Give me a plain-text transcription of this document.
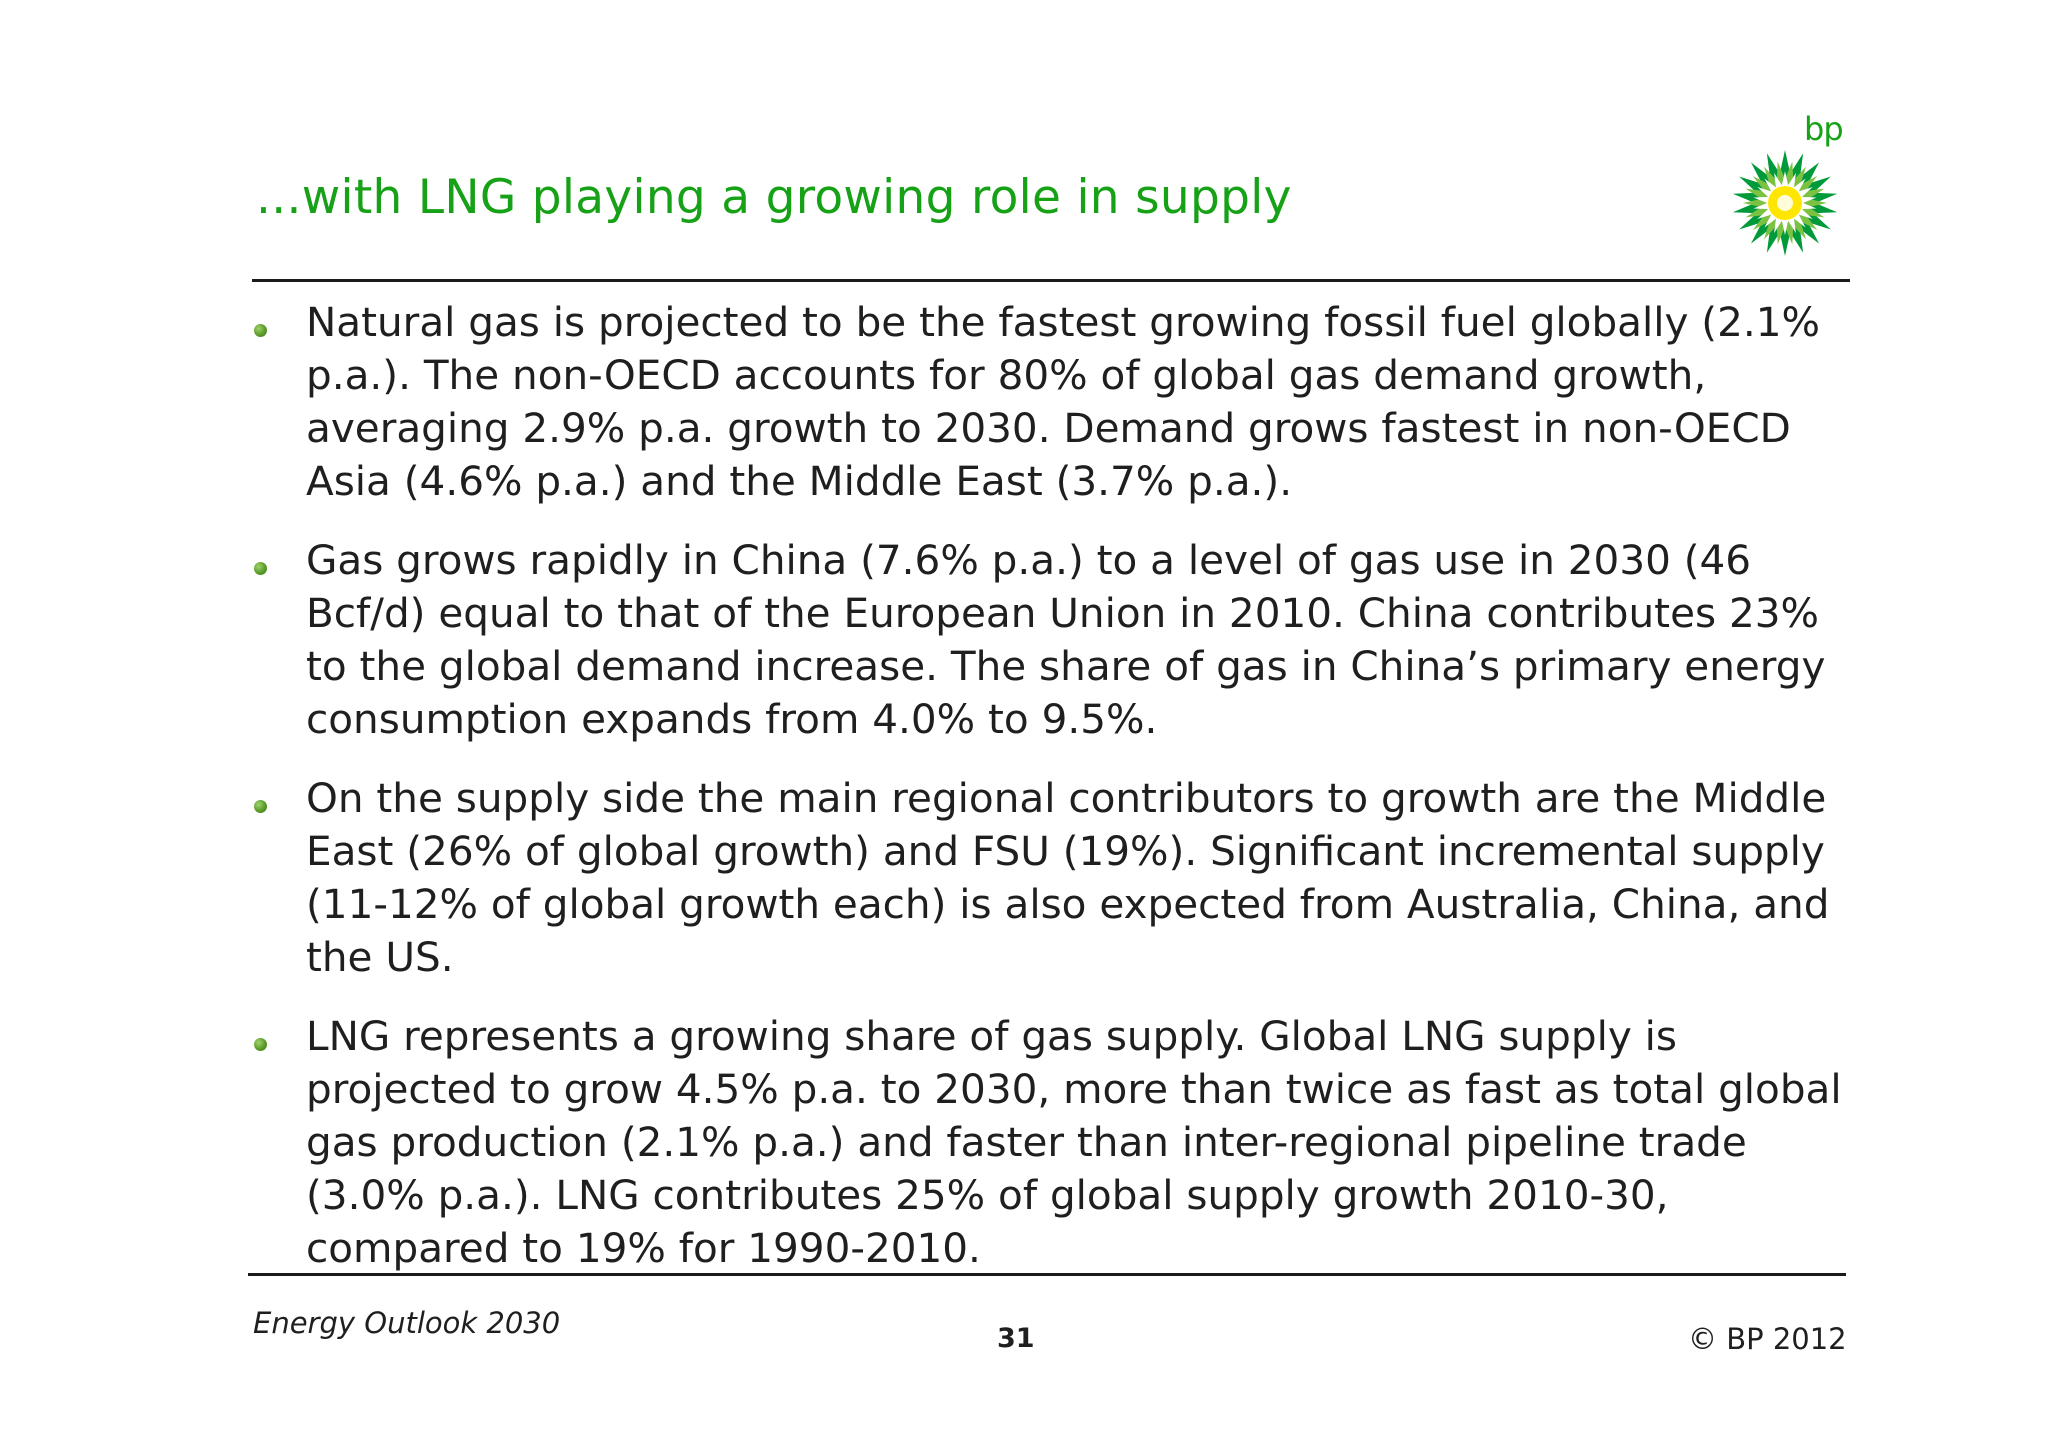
...with LNG playing a growing role in supply
bp
Natural gas is projected to be the fastest growing fossil fuel globally (2.1% p.a.). The non-OECD accounts for 80% of global gas demand growth, averaging 2.9% p.a. growth to 2030. Demand grows fastest in non-OECD Asia (4.6% p.a.) and the Middle East (3.7% p.a.).
Gas grows rapidly in China (7.6% p.a.) to a level of gas use in 2030 (46 Bcf/d) equal to that of the European Union in 2010. China contributes 23% to the global demand increase. The share of gas in China’s primary energy consumption expands from 4.0% to 9.5%.
On the supply side the main regional contributors to growth are the Middle East (26% of global growth) and FSU (19%). Significant incremental supply (11-12% of global growth each) is also expected from Australia, China, and the US.
LNG represents a growing share of gas supply. Global LNG supply is projected to grow 4.5% p.a. to 2030, more than twice as fast as total global gas production (2.1% p.a.) and faster than inter-regional pipeline trade (3.0% p.a.). LNG contributes 25% of global supply growth 2010-30, compared to 19% for 1990-2010.
Energy Outlook 2030	31	© BP 2012
